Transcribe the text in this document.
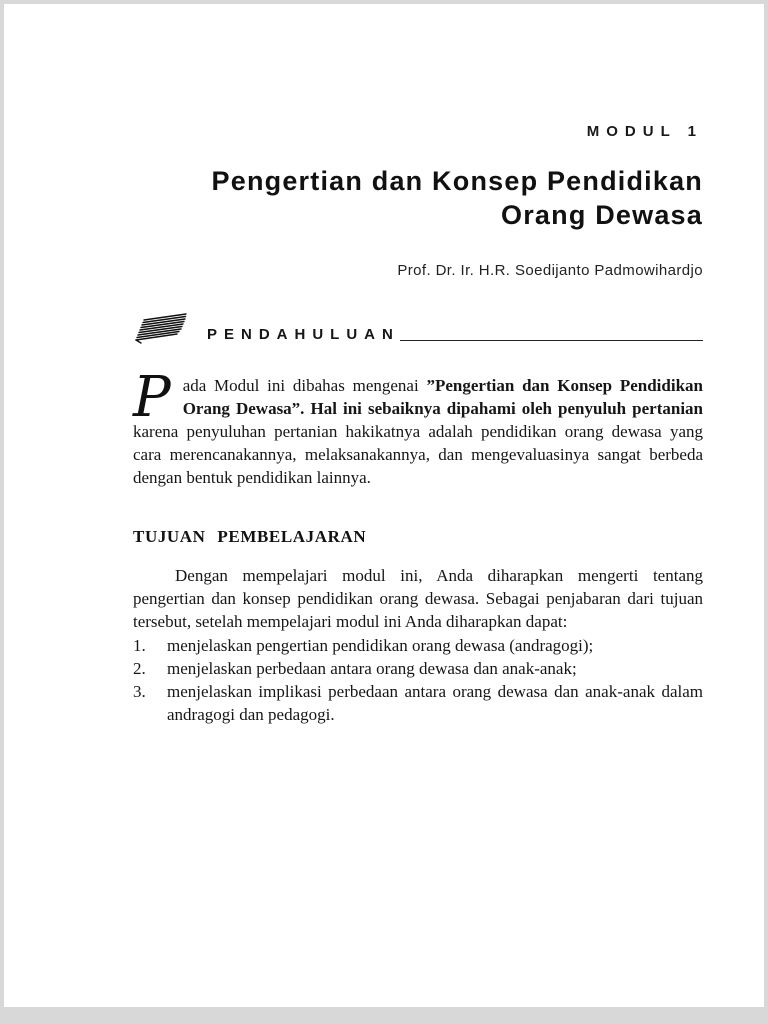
MODUL 1
Pengertian dan Konsep Pendidikan
Orang Dewasa
Prof. Dr. Ir. H.R. Soedijanto Padmowihardjo
PENDAHULUAN

P ada Modul ini dibahas mengenai ”Pengertian dan Konsep Pendidikan Orang Dewasa”. Hal ini sebaiknya dipahami oleh penyuluh pertanian karena penyuluhan pertanian hakikatnya adalah pendidikan orang dewasa yang cara merencanakannya, melaksanakannya, dan mengevaluasinya sangat berbeda dengan bentuk pendidikan lainnya.

TUJUAN PEMBELAJARAN

Dengan mempelajari modul ini, Anda diharapkan mengerti tentang pengertian dan konsep pendidikan orang dewasa. Sebagai penjabaran dari tujuan tersebut, setelah mempelajari modul ini Anda diharapkan dapat:

1.	menjelaskan pengertian pendidikan orang dewasa (andragogi);
2.	menjelaskan perbedaan antara orang dewasa dan anak-anak;
3.	menjelaskan implikasi perbedaan antara orang dewasa dan anak-anak dalam andragogi dan pedagogi.
